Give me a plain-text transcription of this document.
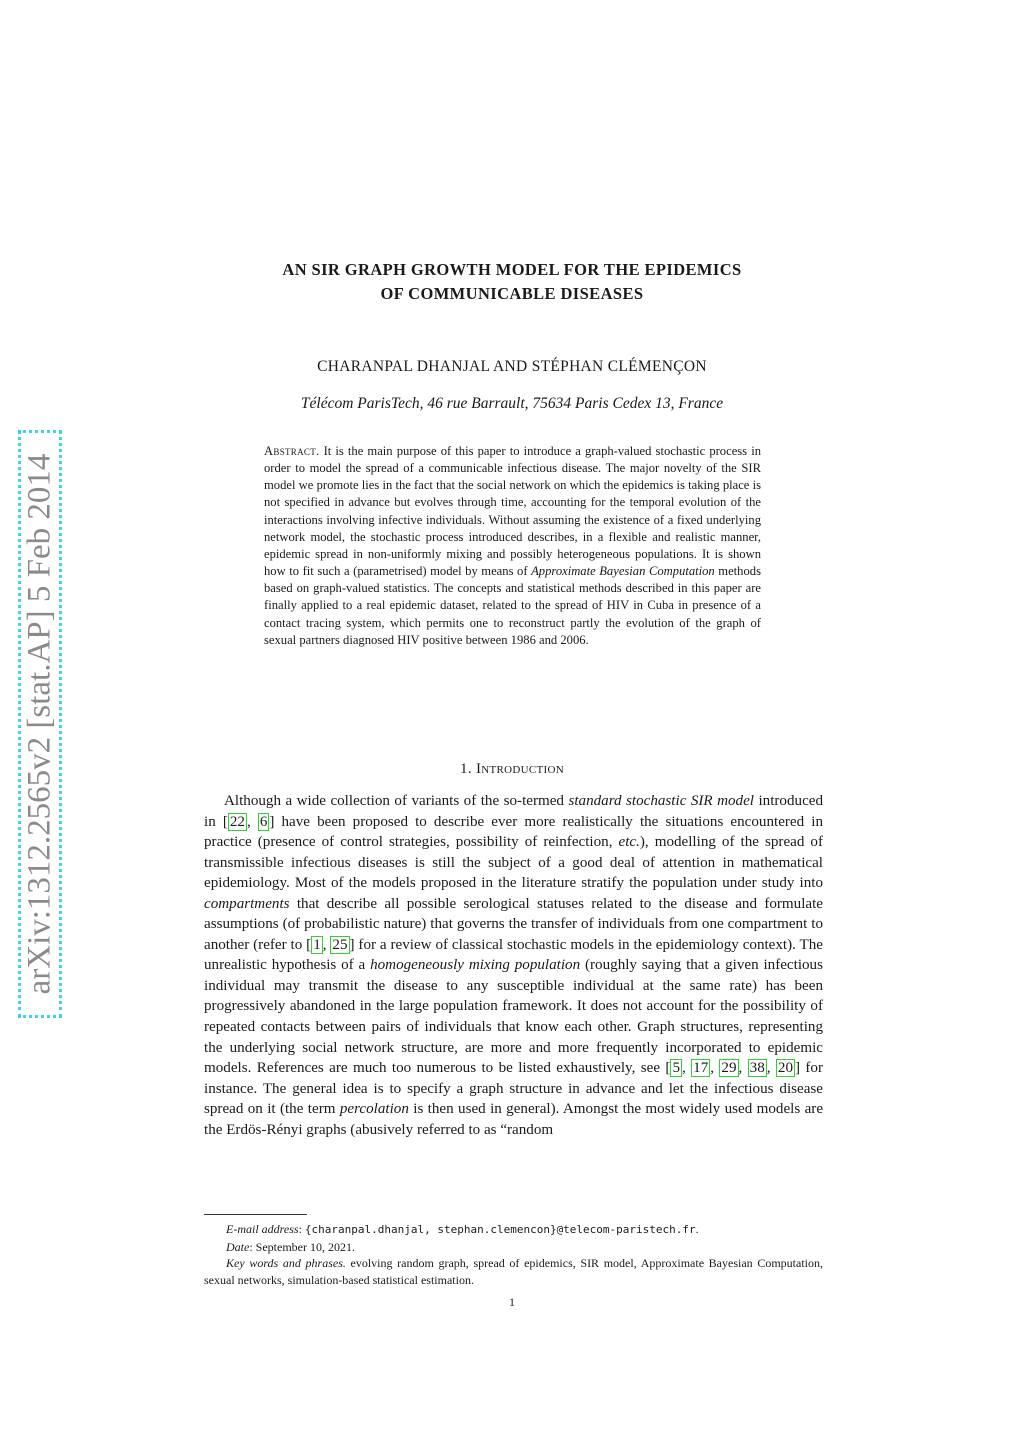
arXiv:1312.2565v2 [stat.AP] 5 Feb 2014
AN SIR GRAPH GROWTH MODEL FOR THE EPIDEMICS
OF COMMUNICABLE DISEASES
CHARANPAL DHANJAL AND STÉPHAN CLÉMENÇON
Télécom ParisTech, 46 rue Barrault, 75634 Paris Cedex 13, France
Abstract. It is the main purpose of this paper to introduce a graph-valued stochastic process in order to model the spread of a communicable infectious disease. The major novelty of the SIR model we promote lies in the fact that the social network on which the epidemics is taking place is not specified in advance but evolves through time, accounting for the temporal evolution of the interactions involving infective individuals. Without assuming the existence of a fixed underlying network model, the stochastic process introduced describes, in a flexible and realistic manner, epidemic spread in non-uniformly mixing and possibly heterogeneous populations. It is shown how to fit such a (parametrised) model by means of Approximate Bayesian Computation methods based on graph-valued statistics. The concepts and statistical methods described in this paper are finally applied to a real epidemic dataset, related to the spread of HIV in Cuba in presence of a contact tracing system, which permits one to reconstruct partly the evolution of the graph of sexual partners diagnosed HIV positive between 1986 and 2006.
1. Introduction

Although a wide collection of variants of the so-termed standard stochastic SIR model introduced in [ 22 , 6 ] have been proposed to describe ever more realistically the situations encountered in practice (presence of control strategies, possibility of reinfection, etc.), modelling of the spread of transmissible infectious diseases is still the subject of a good deal of attention in mathematical epidemiology. Most of the models proposed in the literature stratify the population under study into compartments that describe all possible serological statuses related to the disease and formulate assumptions (of probabilistic nature) that governs the transfer of individuals from one compartment to another (refer to [ 1 , 25 ] for a review of classical stochastic models in the epidemiology context). The unrealistic hypothesis of a homogeneously mixing population (roughly saying that a given infectious individual may transmit the disease to any susceptible individual at the same rate) has been progressively abandoned in the large population framework. It does not account for the possibility of repeated contacts between pairs of individuals that know each other. Graph structures, representing the underlying social network structure, are more and more frequently incorporated to epidemic models. References are much too numerous to be listed exhaustively, see [ 5 , 17 , 29 , 38 , 20 ] for instance. The general idea is to specify a graph structure in advance and let the infectious disease spread on it (the term percolation is then used in general). Amongst the most widely used models are the Erdös-Rényi graphs (abusively referred to as “random

E-mail address: {charanpal.dhanjal, stephan.clemencon}@telecom-paristech.fr.

Date: September 10, 2021.

Key words and phrases. evolving random graph, spread of epidemics, SIR model, Approximate Bayesian Computation, sexual networks, simulation-based statistical estimation.

1
